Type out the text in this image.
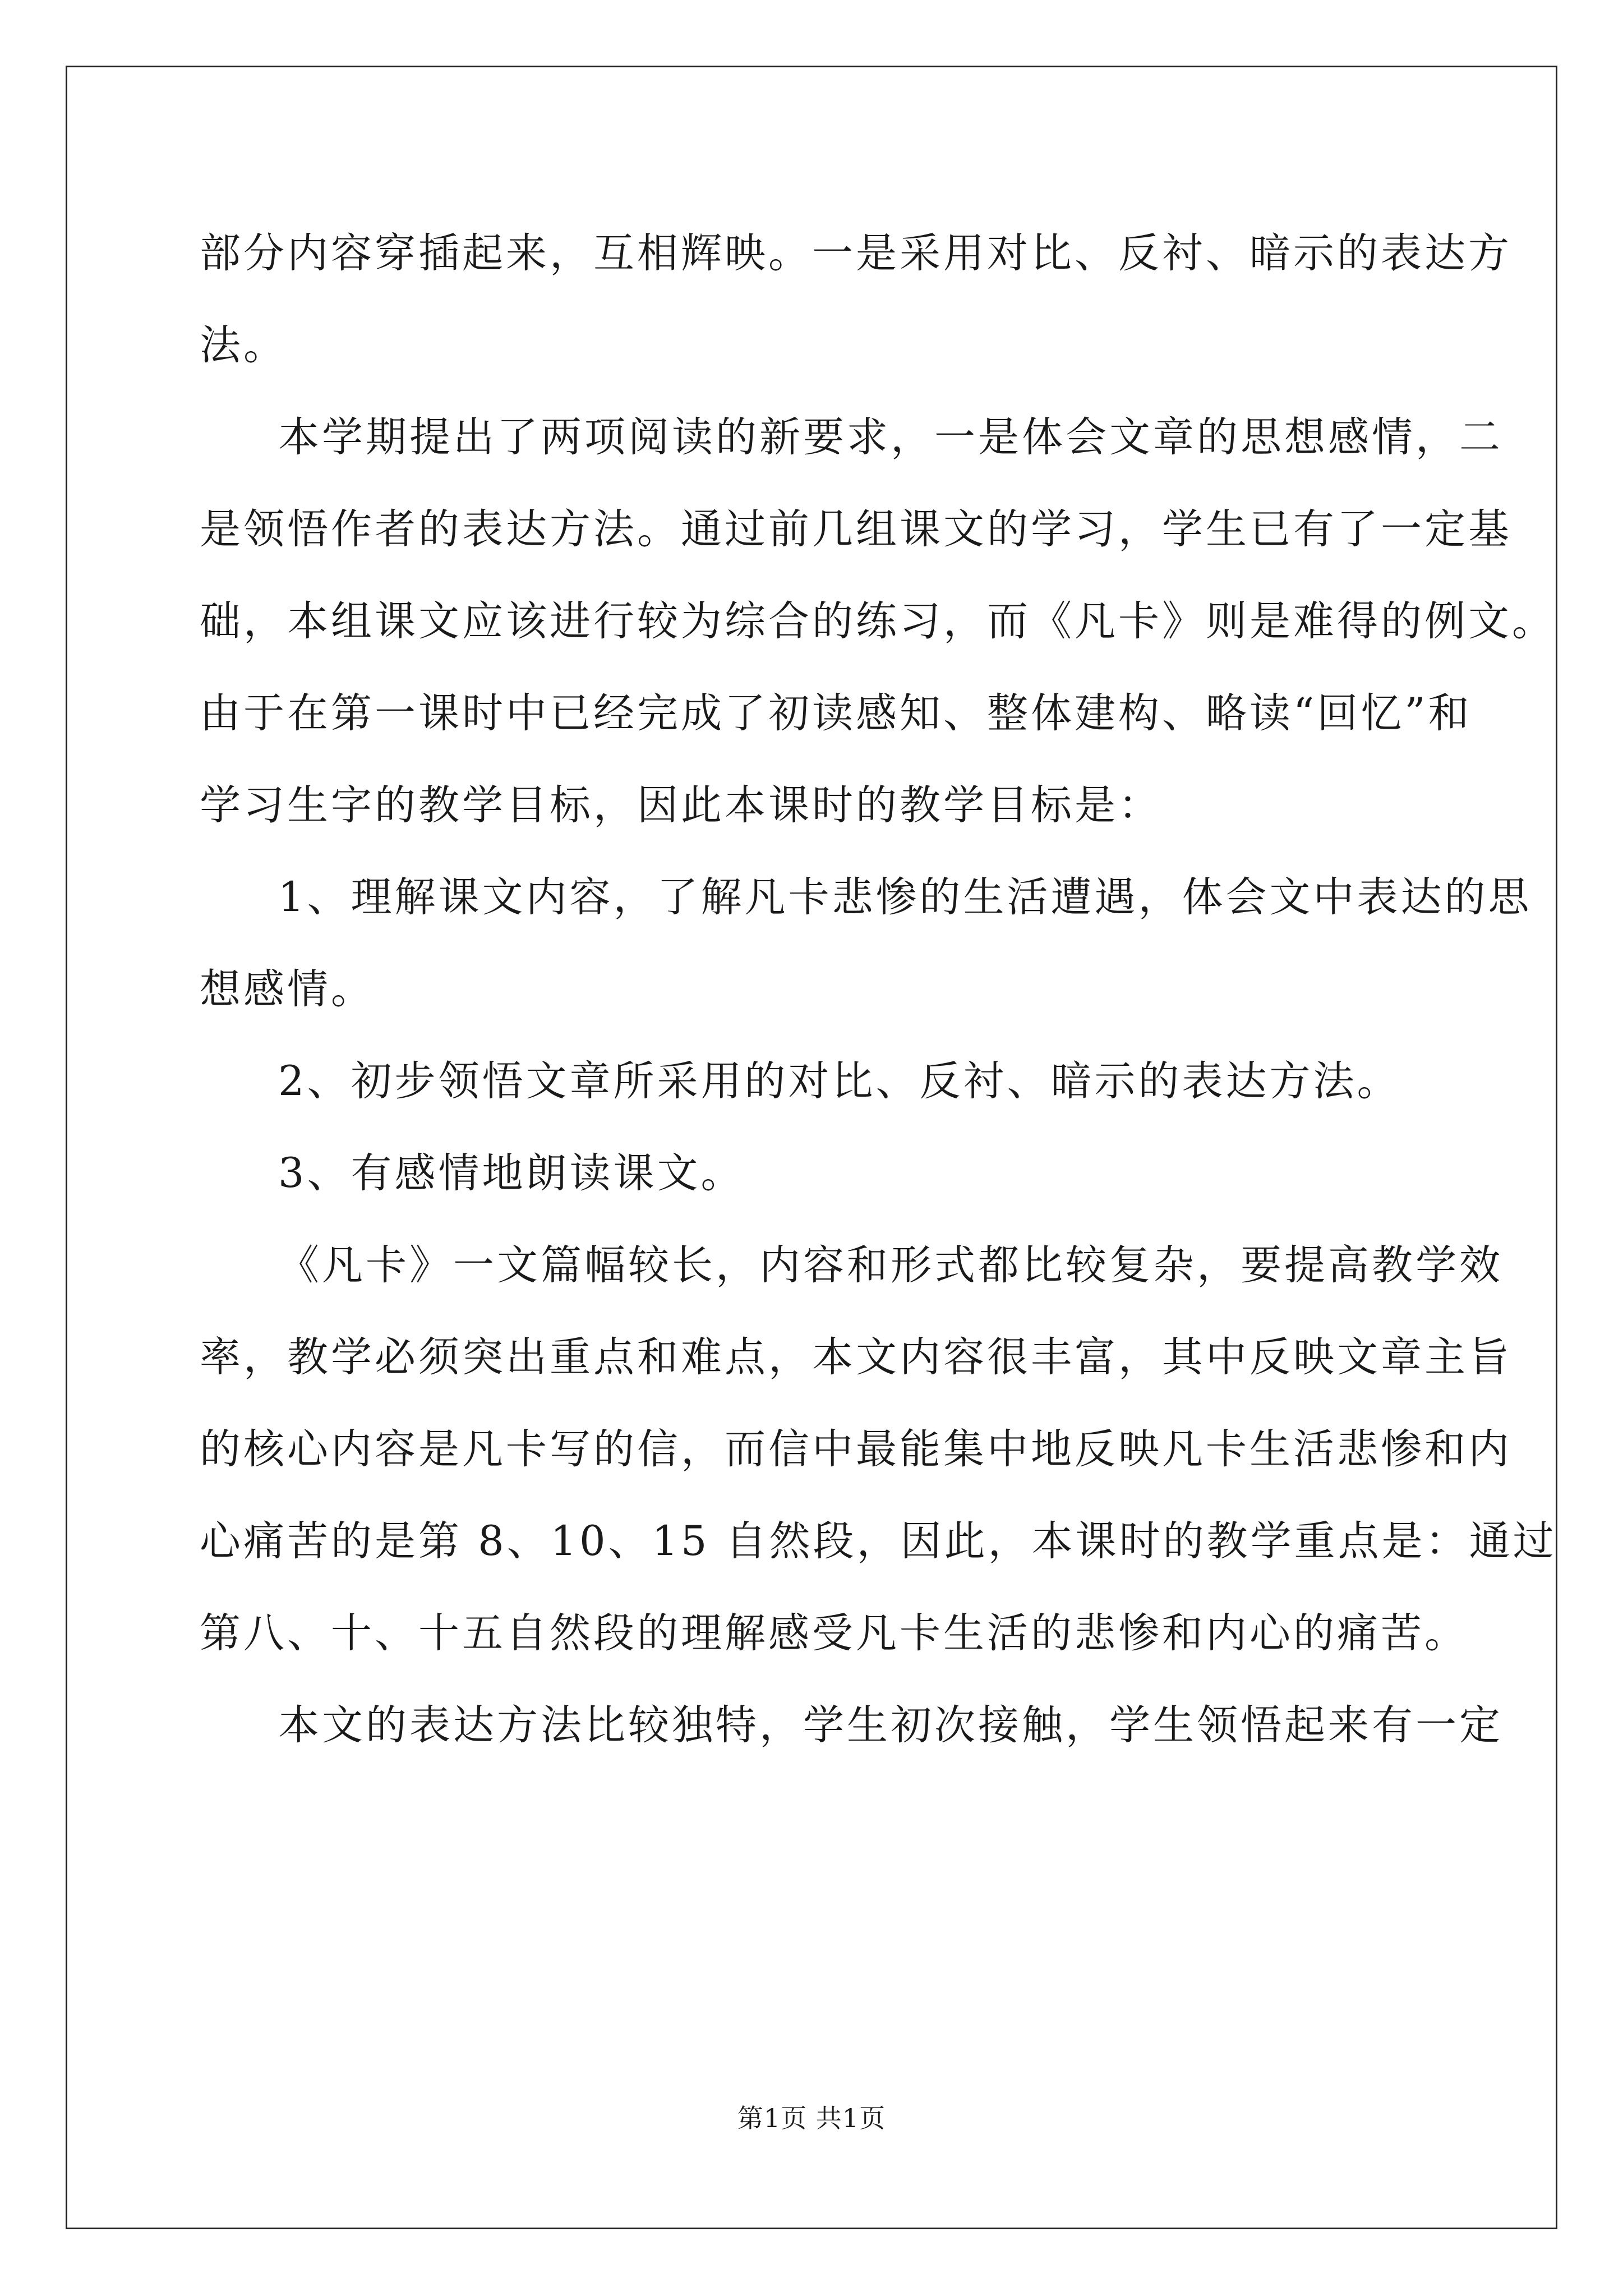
部分内容穿插起来，互相辉映。一是采用对比、反衬、暗示的表达方
法。
本学期提出了两项阅读的新要求，一是体会文章的思想感情，二
是领悟作者的表达方法。通过前几组课文的学习，学生已有了一定基
础，本组课文应该进行较为综合的练习，而《凡卡》则是难得的例文。
由于在第一课时中已经完成了初读感知、整体建构、略读“回忆”和
学习生字的教学目标，因此本课时的教学目标是：
1、理解课文内容，了解凡卡悲惨的生活遭遇，体会文中表达的思
想感情。
2、初步领悟文章所采用的对比、反衬、暗示的表达方法。
3、有感情地朗读课文。
《凡卡》一文篇幅较长，内容和形式都比较复杂，要提高教学效
率，教学必须突出重点和难点，本文内容很丰富，其中反映文章主旨
的核心内容是凡卡写的信，而信中最能集中地反映凡卡生活悲惨和内
心痛苦的是第 8、10、15 自然段，因此，本课时的教学重点是：通过
第八、十、十五自然段的理解感受凡卡生活的悲惨和内心的痛苦。
本文的表达方法比较独特，学生初次接触，学生领悟起来有一定
第1页 共1页
